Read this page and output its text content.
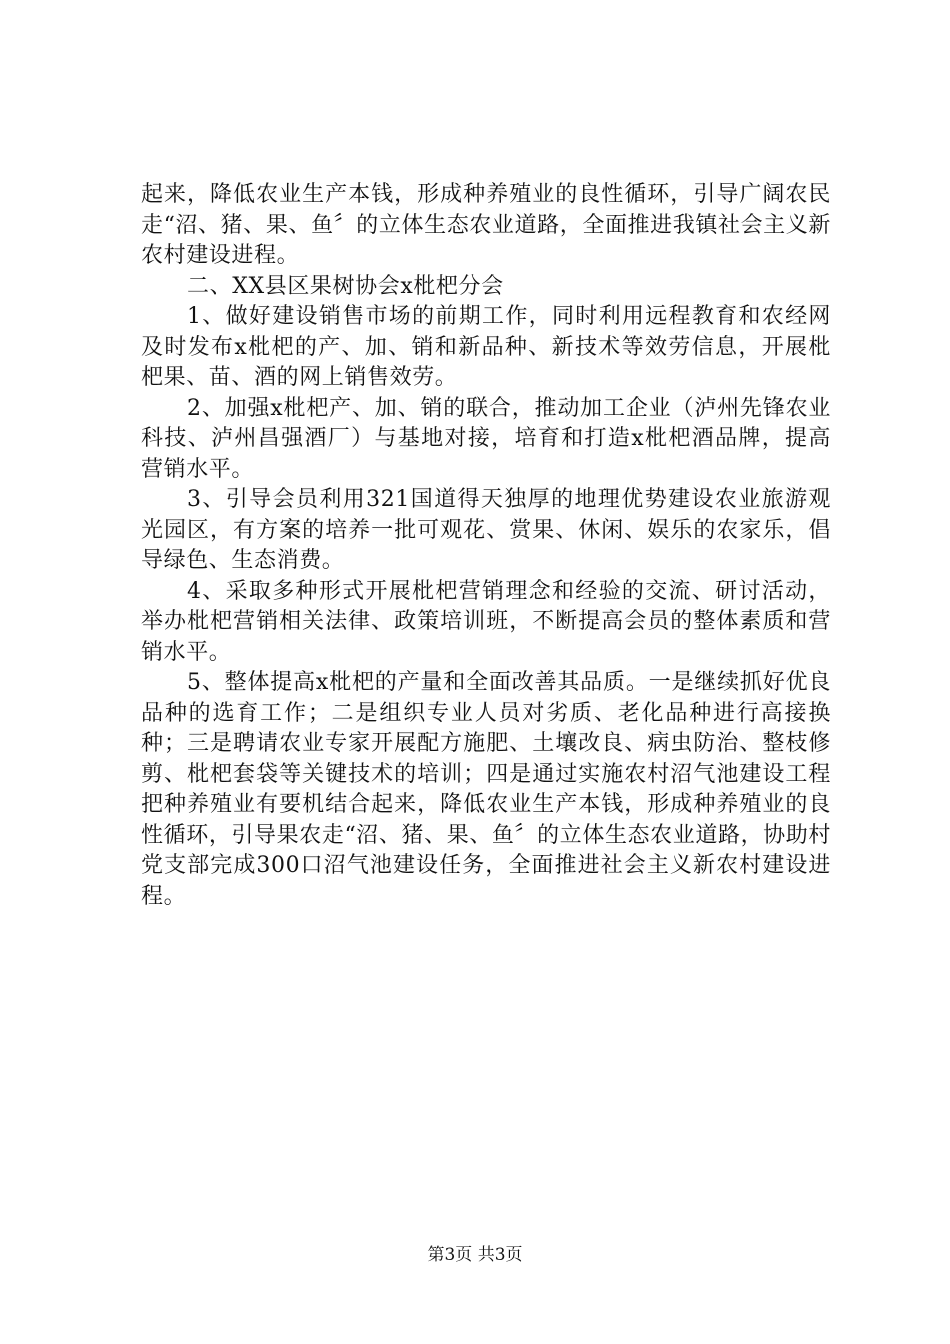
起来，降低农业生产本钱，形成种养殖业的良性循环，引导广阔农民走“沼、猪、果、鱼〞的立体生态农业道路，全面推进我镇社会主义新农村建设进程。

二、XX县区果树协会x枇杷分会

1、做好建设销售市场的前期工作，同时利用远程教育和农经网及时发布x枇杷的产、加、销和新品种、新技术等效劳信息，开展枇杷果、苗、酒的网上销售效劳。

2、加强x枇杷产、加、销的联合，推动加工企业（泸州先锋农业科技、泸州昌强酒厂）与基地对接，培育和打造x枇杷酒品牌，提高营销水平。

3、引导会员利用321国道得天独厚的地理优势建设农业旅游观光园区，有方案的培养一批可观花、赏果、休闲、娱乐的农家乐，倡导绿色、生态消费。

4、采取多种形式开展枇杷营销理念和经验的交流、研讨活动，举办枇杷营销相关法律、政策培训班，不断提高会员的整体素质和营销水平。

5、整体提高x枇杷的产量和全面改善其品质。一是继续抓好优良品种的选育工作；二是组织专业人员对劣质、老化品种进行高接换种；三是聘请农业专家开展配方施肥、土壤改良、病虫防治、整枝修剪、枇杷套袋等关键技术的培训；四是通过实施农村沼气池建设工程把种养殖业有要机结合起来，降低农业生产本钱，形成种养殖业的良性循环，引导果农走“沼、猪、果、鱼〞的立体生态农业道路，协助村党支部完成300口沼气池建设任务，全面推进社会主义新农村建设进程。

第3页 共3页
